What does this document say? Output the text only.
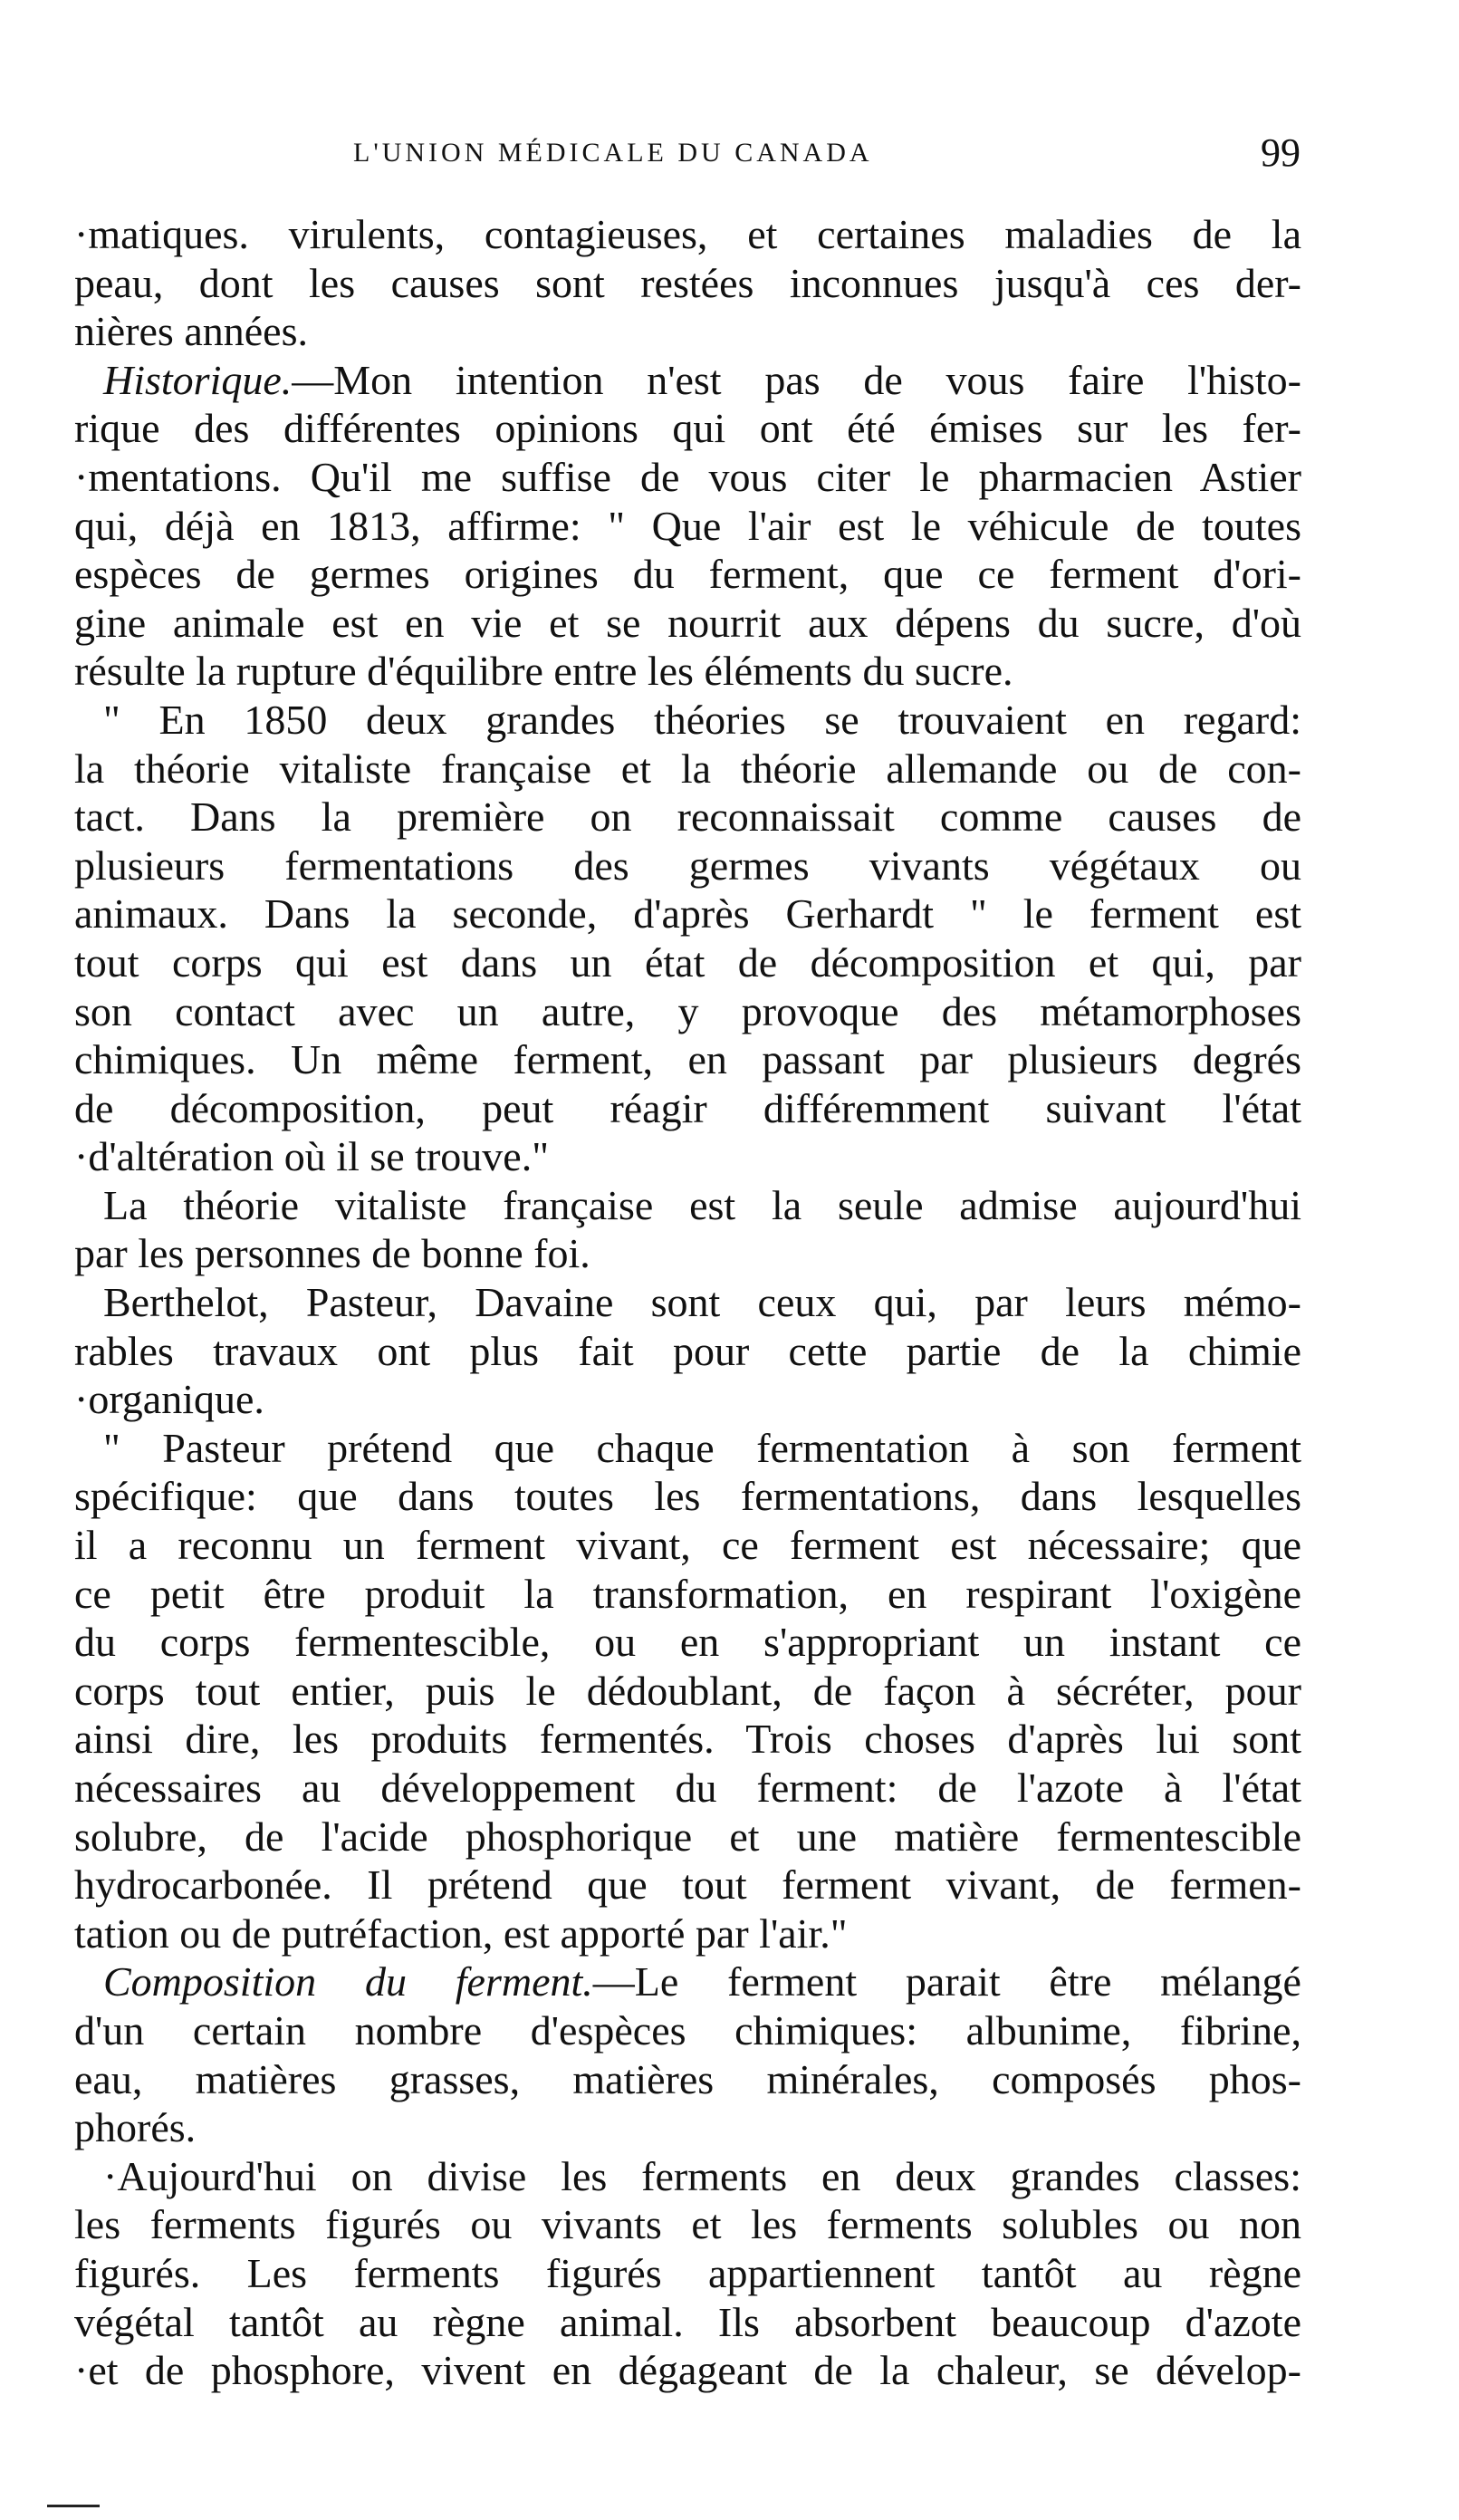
L'UNION MÉDICALE DU CANADA	99
·matiques. virulents, contagieuses, et certaines maladies de la
peau, dont les causes sont restées inconnues jusqu'à ces der-
nières années.
Historique.—Mon intention n'est pas de vous faire l'histo-
rique des différentes opinions qui ont été émises sur les fer-
·mentations. Qu'il me suffise de vous citer le pharmacien Astier
qui, déjà en 1813, affirme: " Que l'air est le véhicule de toutes
espèces de germes origines du ferment, que ce ferment d'ori-
gine animale est en vie et se nourrit aux dépens du sucre, d'où
résulte la rupture d'équilibre entre les éléments du sucre.
" En 1850 deux grandes théories se trouvaient en regard:
la théorie vitaliste française et la théorie allemande ou de con-
tact. Dans la première on reconnaissait comme causes de
plusieurs fermentations des germes vivants végétaux ou
animaux. Dans la seconde, d'après Gerhardt " le ferment est
tout corps qui est dans un état de décomposition et qui, par
son contact avec un autre, y provoque des métamorphoses
chimiques. Un même ferment, en passant par plusieurs degrés
de décomposition, peut réagir différemment suivant l'état
·d'altération où il se trouve."
La théorie vitaliste française est la seule admise aujourd'hui
par les personnes de bonne foi.
Berthelot, Pasteur, Davaine sont ceux qui, par leurs mémo-
rables travaux ont plus fait pour cette partie de la chimie
·organique.
" Pasteur prétend que chaque fermentation à son ferment
spécifique: que dans toutes les fermentations, dans lesquelles
il a reconnu un ferment vivant, ce ferment est nécessaire; que
ce petit être produit la transformation, en respirant l'oxigène
du corps fermentescible, ou en s'appropriant un instant ce
corps tout entier, puis le dédoublant, de façon à sécréter, pour
ainsi dire, les produits fermentés. Trois choses d'après lui sont
nécessaires au développement du ferment: de l'azote à l'état
solubre, de l'acide phosphorique et une matière fermentescible
hydrocarbonée. Il prétend que tout ferment vivant, de fermen-
tation ou de putréfaction, est apporté par l'air."
Composition du ferment.—Le ferment parait être mélangé
d'un certain nombre d'espèces chimiques: albunime, fibrine,
eau, matières grasses, matières minérales, composés phos-
phorés.
·Aujourd'hui on divise les ferments en deux grandes classes:
les ferments figurés ou vivants et les ferments solubles ou non
figurés. Les ferments figurés appartiennent tantôt au règne
végétal tantôt au règne animal. Ils absorbent beaucoup d'azote
·et de phosphore, vivent en dégageant de la chaleur, se dévelop-
